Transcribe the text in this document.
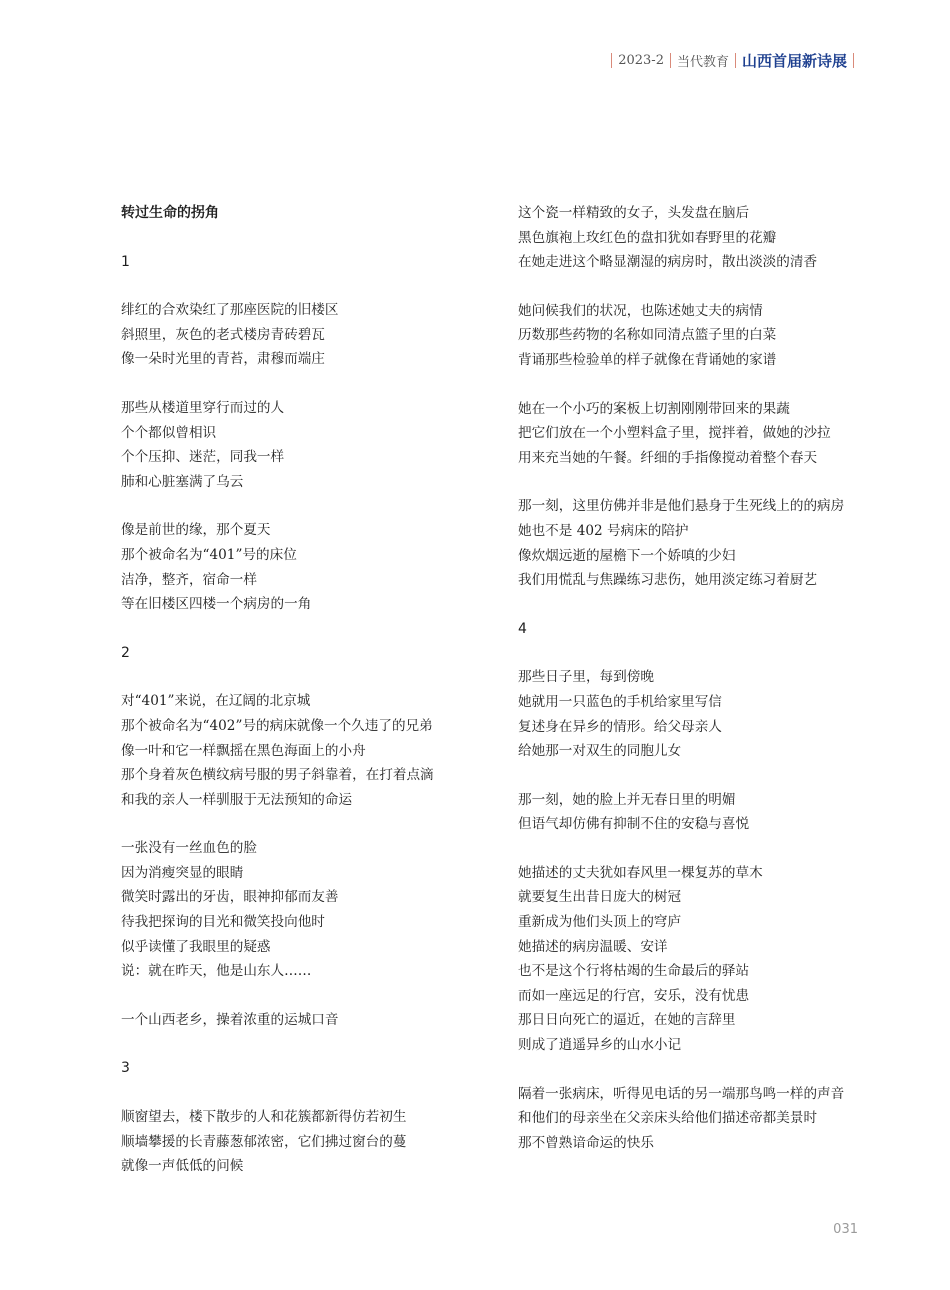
2023-2 当代教育 山西首届新诗展
转过生命的拐角
1
绯红的合欢染红了那座医院的旧楼区
斜照里，灰色的老式楼房青砖碧瓦
像一朵时光里的青苔，肃穆而端庄
那些从楼道里穿行而过的人
个个都似曾相识
个个压抑、迷茫，同我一样
肺和心脏塞满了乌云
像是前世的缘，那个夏天
那个被命名为“401”号的床位
洁净，整齐，宿命一样
等在旧楼区四楼一个病房的一角
2
对“401”来说，在辽阔的北京城
那个被命名为“402”号的病床就像一个久违了的兄弟
像一叶和它一样飘摇在黑色海面上的小舟
那个身着灰色横纹病号服的男子斜靠着，在打着点滴
和我的亲人一样驯服于无法预知的命运
一张没有一丝血色的脸
因为消瘦突显的眼睛
微笑时露出的牙齿，眼神抑郁而友善
待我把探询的目光和微笑投向他时
似乎读懂了我眼里的疑惑
说：就在昨天，他是山东人……
一个山西老乡，操着浓重的运城口音
3
顺窗望去，楼下散步的人和花簇都新得仿若初生
顺墙攀援的长青藤葱郁浓密，它们拂过窗台的蔓
就像一声低低的问候
这个瓷一样精致的女子，头发盘在脑后
黑色旗袍上玫红色的盘扣犹如春野里的花瓣
在她走进这个略显潮湿的病房时，散出淡淡的清香
她问候我们的状况，也陈述她丈夫的病情
历数那些药物的名称如同清点篮子里的白菜
背诵那些检验单的样子就像在背诵她的家谱
她在一个小巧的案板上切割刚刚带回来的果蔬
把它们放在一个小塑料盒子里，搅拌着，做她的沙拉
用来充当她的午餐。纤细的手指像搅动着整个春天
那一刻，这里仿佛并非是他们悬身于生死线上的的病房
她也不是 402 号病床的陪护
像炊烟远逝的屋檐下一个娇嗔的少妇
我们用慌乱与焦躁练习悲伤，她用淡定练习着厨艺
4
那些日子里，每到傍晚
她就用一只蓝色的手机给家里写信
复述身在异乡的情形。给父母亲人
给她那一对双生的同胞儿女
那一刻，她的脸上并无春日里的明媚
但语气却仿佛有抑制不住的安稳与喜悦
她描述的丈夫犹如春风里一棵复苏的草木
就要复生出昔日庞大的树冠
重新成为他们头顶上的穹庐
她描述的病房温暖、安详
也不是这个行将枯竭的生命最后的驿站
而如一座远足的行宫，安乐，没有忧患
那日日向死亡的逼近，在她的言辞里
则成了逍遥异乡的山水小记
隔着一张病床，听得见电话的另一端那鸟鸣一样的声音
和他们的母亲坐在父亲床头给他们描述帝都美景时
那不曾熟谙命运的快乐
031
